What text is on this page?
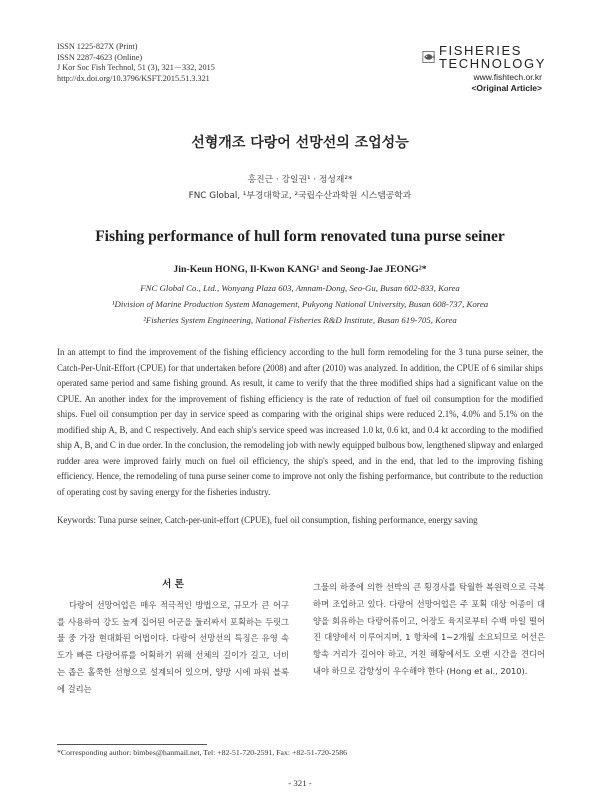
ISSN 1225-827X (Print)
ISSN 2287-4623 (Online)
J Kor Soc Fish Technol, 51 (3), 321－332, 2015
http://dx.doi.org/10.3796/KSFT.2015.51.3.321
FISHERIES
TECHNOLOGY
www.fishtech.or.kr
<Original Article>
선형개조 다랑어 선망선의 조업성능
홍진근 · 강일권¹ · 정성재²*
FNC Global, ¹부경대학교, ²국립수산과학원 시스템공학과
Fishing performance of hull form renovated tuna purse seiner
Jin-Keun HONG, Il-Kwon KANG¹ and Seong-Jae JEONG²*
FNC Global Co., Ltd., Wonyang Plaza 603, Amnam-Dong, Seo-Gu, Busan 602-833, Korea
¹Division of Marine Production System Management, Pukyong National University, Busan 608-737, Korea
²Fisheries System Engineering, National Fisheries R&D Institute, Busan 619-705, Korea
In an attempt to find the improvement of the fishing efficiency according to the hull form remodeling for the 3 tuna purse seiner, the Catch-Per-Unit-Effort (CPUE) for that undertaken before (2008) and after (2010) was analyzed. In addition, the CPUE of 6 similar ships operated same period and same fishing ground. As result, it came to verify that the three modified ships had a significant value on the CPUE. An another index for the improvement of fishing efficiency is the rate of reduction of fuel oil consumption for the modified ships. Fuel oil consumption per day in service speed as comparing with the original ships were reduced 2.1%, 4.0% and 5.1% on the modified ship A, B, and C respectively. And each ship's service speed was increased 1.0 kt, 0.6 kt, and 0.4 kt according to the modified ship A, B, and C in due order. In the conclusion, the remodeling job with newly equipped bulbous bow, lengthened slipway and enlarged rudder area were improved fairly much on fuel oil efficiency, the ship's speed, and in the end, that led to the improving fishing efficiency. Hence, the remodeling of tuna purse seiner come to improve not only the fishing performance, but contribute to the reduction of operating cost by saving energy for the fisheries industry.
Keywords: Tuna purse seiner, Catch-per-unit-effort (CPUE), fuel oil consumption, fishing performance, energy saving
서 론

다랑어 선망어업은 매우 적극적인 방법으로, 규모가 큰 어구를 사용하여 강도 높게 집어된 어군을 둘러싸서 포획하는 두릿그물 중 가장 현대화된 어법이다. 다랑어 선망선의 특징은 유영 속도가 빠른 다랑어류를 어획하기 위해 선체의 길이가 길고, 너비는 좁은 홀쭉한 선형으로 설계되어 있으며, 양망 시에 파워 블록에 걸리는

그물의 하중에 의한 선박의 큰 횡경사를 탁월한 복원력으로 극복하며 조업하고 있다. 다랑어 선망어업은 주 포획 대상 어종이 대양을 회유하는 다랑어류이고, 어장도 육지로부터 수백 마일 떨어진 대양에서 이루어지며, 1 항차에 1∼2개월 소요되므로 어선은 항속 거리가 길어야 하고, 거친 해황에서도 오랜 시간을 견디어내야 하므로 감항성이 우수해야 한다 (Hong et al., 2010).

*Corresponding author: bimbes@hanmail.net, Tel: +82-51-720-2591, Fax: +82-51-720-2586
- 321 -
